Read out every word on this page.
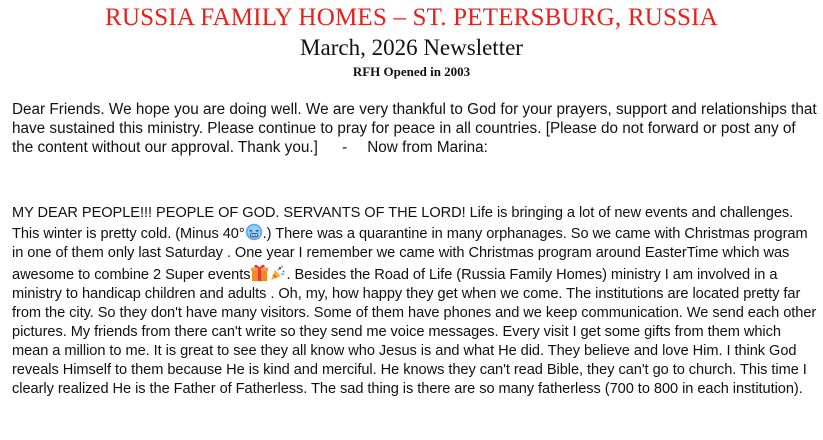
RUSSIA FAMILY HOMES – ST. PETERSBURG, RUSSIA
March, 2026 Newsletter
RFH Opened in 2003

Dear Friends. We hope you are doing well. We are very thankful to God for your prayers, support and relationships that have sustained this ministry. Please continue to pray for peace in all countries. [Please do not forward or post any of the content without our approval. Thank you.] - Now from Marina:

MY DEAR PEOPLE!!! PEOPLE OF GOD. SERVANTS OF THE LORD! Life is bringing a lot of new events and challenges. This winter is pretty cold. (Minus 40° .) There was a quarantine in many orphanages. So we came with Christmas program in one of them only last Saturday . One year I remember we came with Christmas program around EasterTime which was awesome to combine 2 Super events . Besides the Road of Life (Russia Family Homes) ministry I am involved in a ministry to handicap children and adults . Oh, my, how happy they get when we come. The institutions are located pretty far from the city. So they don't have many visitors. Some of them have phones and we keep communication. We send each other pictures. My friends from there can't write so they send me voice messages. Every visit I get some gifts from them which mean a million to me. It is great to see they all know who Jesus is and what He did. They believe and love Him. I think God reveals Himself to them because He is kind and merciful. He knows they can't read Bible, they can't go to church. This time I clearly realized He is the Father of Fatherless. The sad thing is there are so many fatherless (700 to 800 in each institution).
